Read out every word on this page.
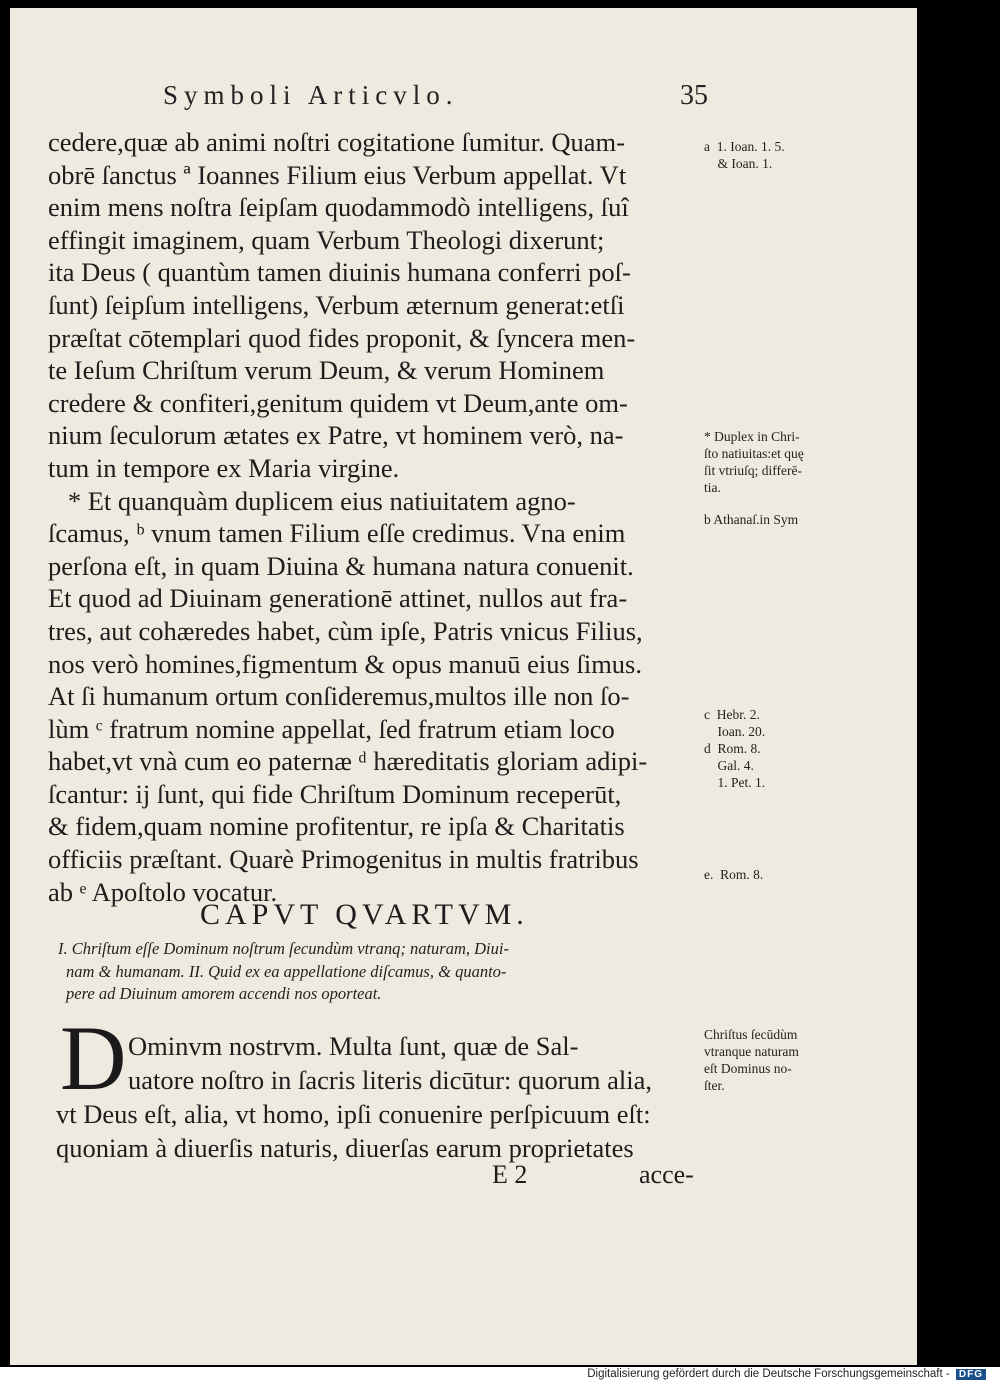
Symboli Articvlo.	35
cedere,quæ ab animi noſtri cogitatione ſumitur. Quam-
obrē ſanctus ª Ioannes Filium eius Verbum appellat. Vt
enim mens noſtra ſeipſam quodammodò intelligens, ſuî
effingit imaginem, quam Verbum Theologi dixerunt;
ita Deus ( quantùm tamen diuinis humana conferri poſ-
ſunt) ſeipſum intelligens, Verbum æternum generat:etſi
præſtat cōtemplari quod fides proponit, & ſyncera men-
te Ieſum Chriſtum verum Deum, & verum Hominem
credere & confiteri,genitum quidem vt Deum,ante om-
nium ſeculorum ætates ex Patre, vt hominem verò, na-
tum in tempore ex Maria virgine.
* Et quanquàm duplicem eius natiuitatem agno-
ſcamus, ᵇ vnum tamen Filium eſſe credimus. Vna enim
perſona eſt, in quam Diuina & humana natura conuenit.
Et quod ad Diuinam generationē attinet, nullos aut fra-
tres, aut cohæredes habet, cùm ipſe, Patris vnicus Filius,
nos verò homines,figmentum & opus manuū eius ſimus.
At ſi humanum ortum conſideremus,multos ille non ſo-
lùm ᶜ fratrum nomine appellat, ſed fratrum etiam loco
habet,vt vnà cum eo paternæ ᵈ hæreditatis gloriam adipi-
ſcantur: ij ſunt, qui fide Chriſtum Dominum receperūt,
& fidem,quam nomine profitentur, re ipſa & Charitatis
officiis præſtant. Quarè Primogenitus in multis fratribus
ab ᵉ Apoſtolo vocatur.
a  1. Ioan. 1. 5.
& Ioan. 1.
* Duplex in Chri-
ſto natiuitas:et quę
ſit vtriuſq; differē-
tia.
b Athanaſ.in Sym
c  Hebr. 2.
Ioan. 20.
d  Rom. 8.
Gal. 4.
1. Pet. 1.
e.  Rom. 8.
Chriſtus ſecūdùm
vtranque naturam
eſt Dominus no-
ſter.
CAPVT QVARTVM.
I. Chriſtum eſſe Dominum noſtrum ſecundùm vtranq; naturam, Diui-
nam & humanam. II. Quid ex ea appellatione diſcamus, & quanto-
pere ad Diuinum amorem accendi nos oporteat.
D Ominvm nostrvm. Multa ſunt, quæ de Sal-
uatore noſtro in ſacris literis dicūtur: quorum alia,
vt Deus eſt, alia, vt homo, ipſi conuenire perſpicuum eſt:
quoniam à diuerſis naturis, diuerſas earum proprietates
E 2	acce-
Digitalisierung gefördert durch die Deutsche Forschungsgemeinschaft - DFG
